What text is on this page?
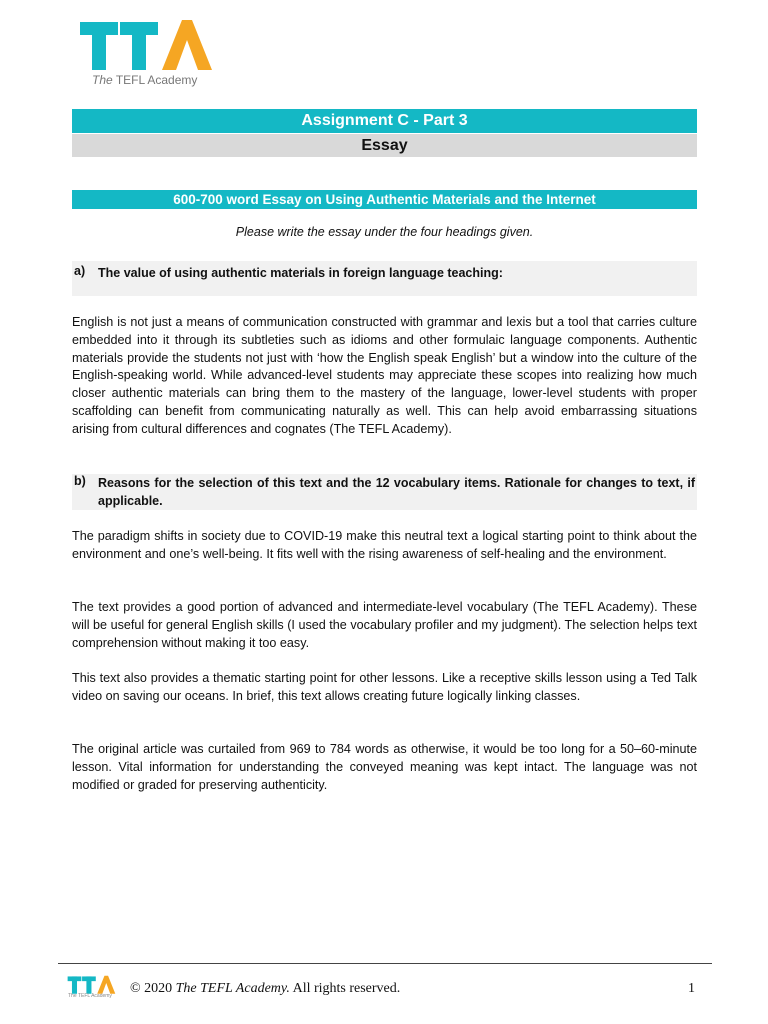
The TEFL Academy
Assignment C - Part 3
Essay
600-700 word Essay on Using Authentic Materials and the Internet
Please write the essay under the four headings given.
a)	The value of using authentic materials in foreign language teaching:

English is not just a means of communication constructed with grammar and lexis but a tool that carries culture embedded into it through its subtleties such as idioms and other formulaic language components. Authentic materials provide the students not just with ‘how the English speak English’ but a window into the culture of the English-speaking world. While advanced-level students may appreciate these scopes into realizing how much closer authentic materials can bring them to the mastery of the language, lower-level students with proper scaffolding can benefit from communicating naturally as well. This can help avoid embarrassing situations arising from cultural differences and cognates (The TEFL Academy).

b) Reasons for the selection of this text and the 12 vocabulary items. Rationale for changes to text, if applicable.

The paradigm shifts in society due to COVID-19 make this neutral text a logical starting point to think about the environment and one’s well-being. It fits well with the rising awareness of self-healing and the environment.

The text provides a good portion of advanced and intermediate-level vocabulary (The TEFL Academy). These will be useful for general English skills (I used the vocabulary profiler and my judgment). The selection helps text comprehension without making it too easy.

This text also provides a thematic starting point for other lessons. Like a receptive skills lesson using a Ted Talk video on saving our oceans. In brief, this text allows creating future logically linking classes.

The original article was curtailed from 969 to 784 words as otherwise, it would be too long for a 50–60-minute lesson. Vital information for understanding the conveyed meaning was kept intact. The language was not modified or graded for preserving authenticity.

The TEFL Academy © 2020 The TEFL Academy. All rights reserved.	1
